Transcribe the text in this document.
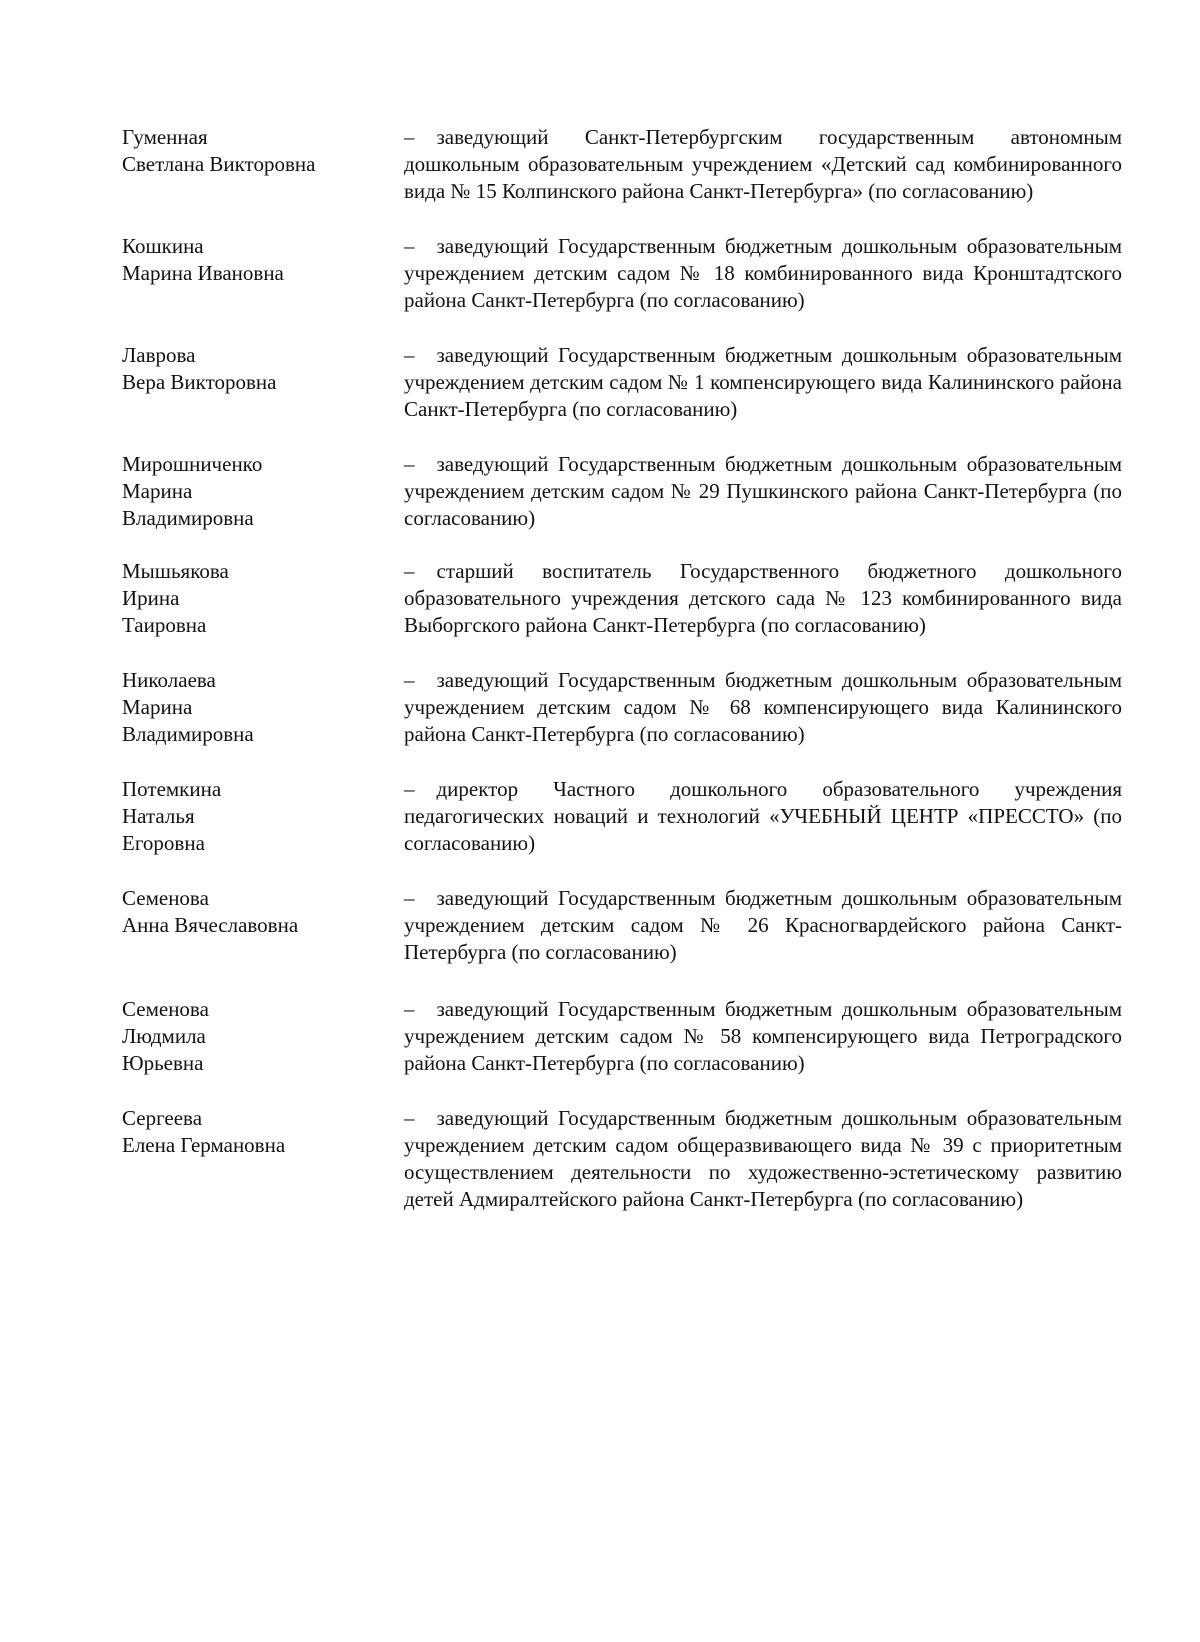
Гуменная
Светлана Викторовна
– заведующий Санкт-Петербургским государственным автономным дошкольным образовательным учреждением «Детский сад комбинированного вида № 15 Колпинского района Санкт-Петербурга» (по согласованию)
Кошкина
Марина Ивановна
– заведующий Государственным бюджетным дошкольным образовательным учреждением детским садом № 18 комбинированного вида Кронштадтского района Санкт-Петербурга (по согласованию)
Лаврова
Вера Викторовна
– заведующий Государственным бюджетным дошкольным образовательным учреждением детским садом № 1 компенсирующего вида Калининского района Санкт-Петербурга (по согласованию)
Мирошниченко
Марина
Владимировна
– заведующий Государственным бюджетным дошкольным образовательным учреждением детским садом № 29 Пушкинского района Санкт-Петербурга (по согласованию)
Мышьякова
Ирина
Таировна
– старший воспитатель Государственного бюджетного дошкольного образовательного учреждения детского сада № 123 комбинированного вида Выборгского района Санкт-Петербурга (по согласованию)
Николаева
Марина
Владимировна
– заведующий Государственным бюджетным дошкольным образовательным учреждением детским садом № 68 компенсирующего вида Калининского района Санкт-Петербурга (по согласованию)
Потемкина
Наталья
Егоровна
– директор Частного дошкольного образовательного учреждения педагогических новаций и технологий «УЧЕБНЫЙ ЦЕНТР «ПРЕССТО» (по согласованию)
Семенова
Анна Вячеславовна
– заведующий Государственным бюджетным дошкольным образовательным учреждением детским садом № 26 Красногвардейского района Санкт-Петербурга (по согласованию)
Семенова
Людмила
Юрьевна
– заведующий Государственным бюджетным дошкольным образовательным учреждением детским садом № 58 компенсирующего вида Петроградского района Санкт-Петербурга (по согласованию)
Сергеева
Елена Германовна
– заведующий Государственным бюджетным дошкольным образовательным учреждением детским садом общеразвивающего вида № 39 с приоритетным осуществлением деятельности по художественно-эстетическому развитию детей Адмиралтейского района Санкт-Петербурга (по согласованию)
